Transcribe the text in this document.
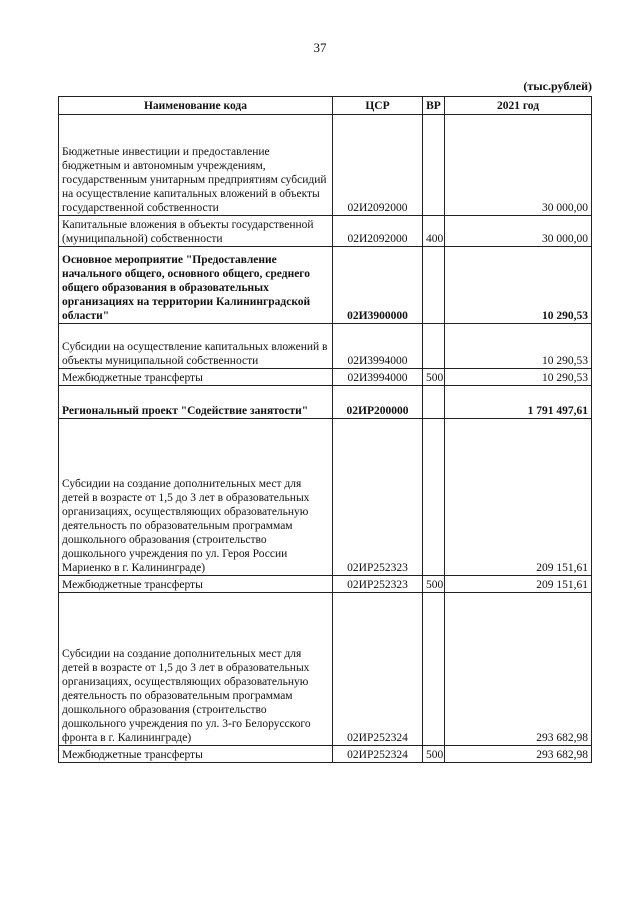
37
(тыс.рублей)
Наименование кода	ЦСР	ВР	2021 год
Бюджетные инвестиции и предоставление бюджетным и автономным учреждениям, государственным унитарным предприятиям субсидий на осуществление капитальных вложений в объекты государственной собственности	02И2092000		30 000,00
Капитальные вложения в объекты государственной (муниципальной) собственности	02И2092000	400	30 000,00
Основное мероприятие "Предоставление начального общего, основного общего, среднего общего образования в образовательных организациях на территории Калининградской области"	02И3900000		10 290,53
Субсидии на осуществление капитальных вложений в объекты муниципальной собственности	02И3994000		10 290,53
Межбюджетные трансферты	02И3994000	500	10 290,53
Региональный проект "Содействие занятости"	02ИР200000		1 791 497,61
Субсидии на создание дополнительных мест для детей в возрасте от 1,5 до 3 лет в образовательных организациях, осуществляющих образовательную деятельность по образовательным программам дошкольного образования (строительство дошкольного учреждения по ул. Героя России Мариенко в г. Калининграде)	02ИР252323		209 151,61
Межбюджетные трансферты	02ИР252323	500	209 151,61
Субсидии на создание дополнительных мест для детей в возрасте от 1,5 до 3 лет в образовательных организациях, осуществляющих образовательную деятельность по образовательным программам дошкольного образования (строительство дошкольного учреждения по ул. 3-го Белорусского фронта в г. Калининграде)	02ИР252324		293 682,98
Межбюджетные трансферты	02ИР252324	500	293 682,98
